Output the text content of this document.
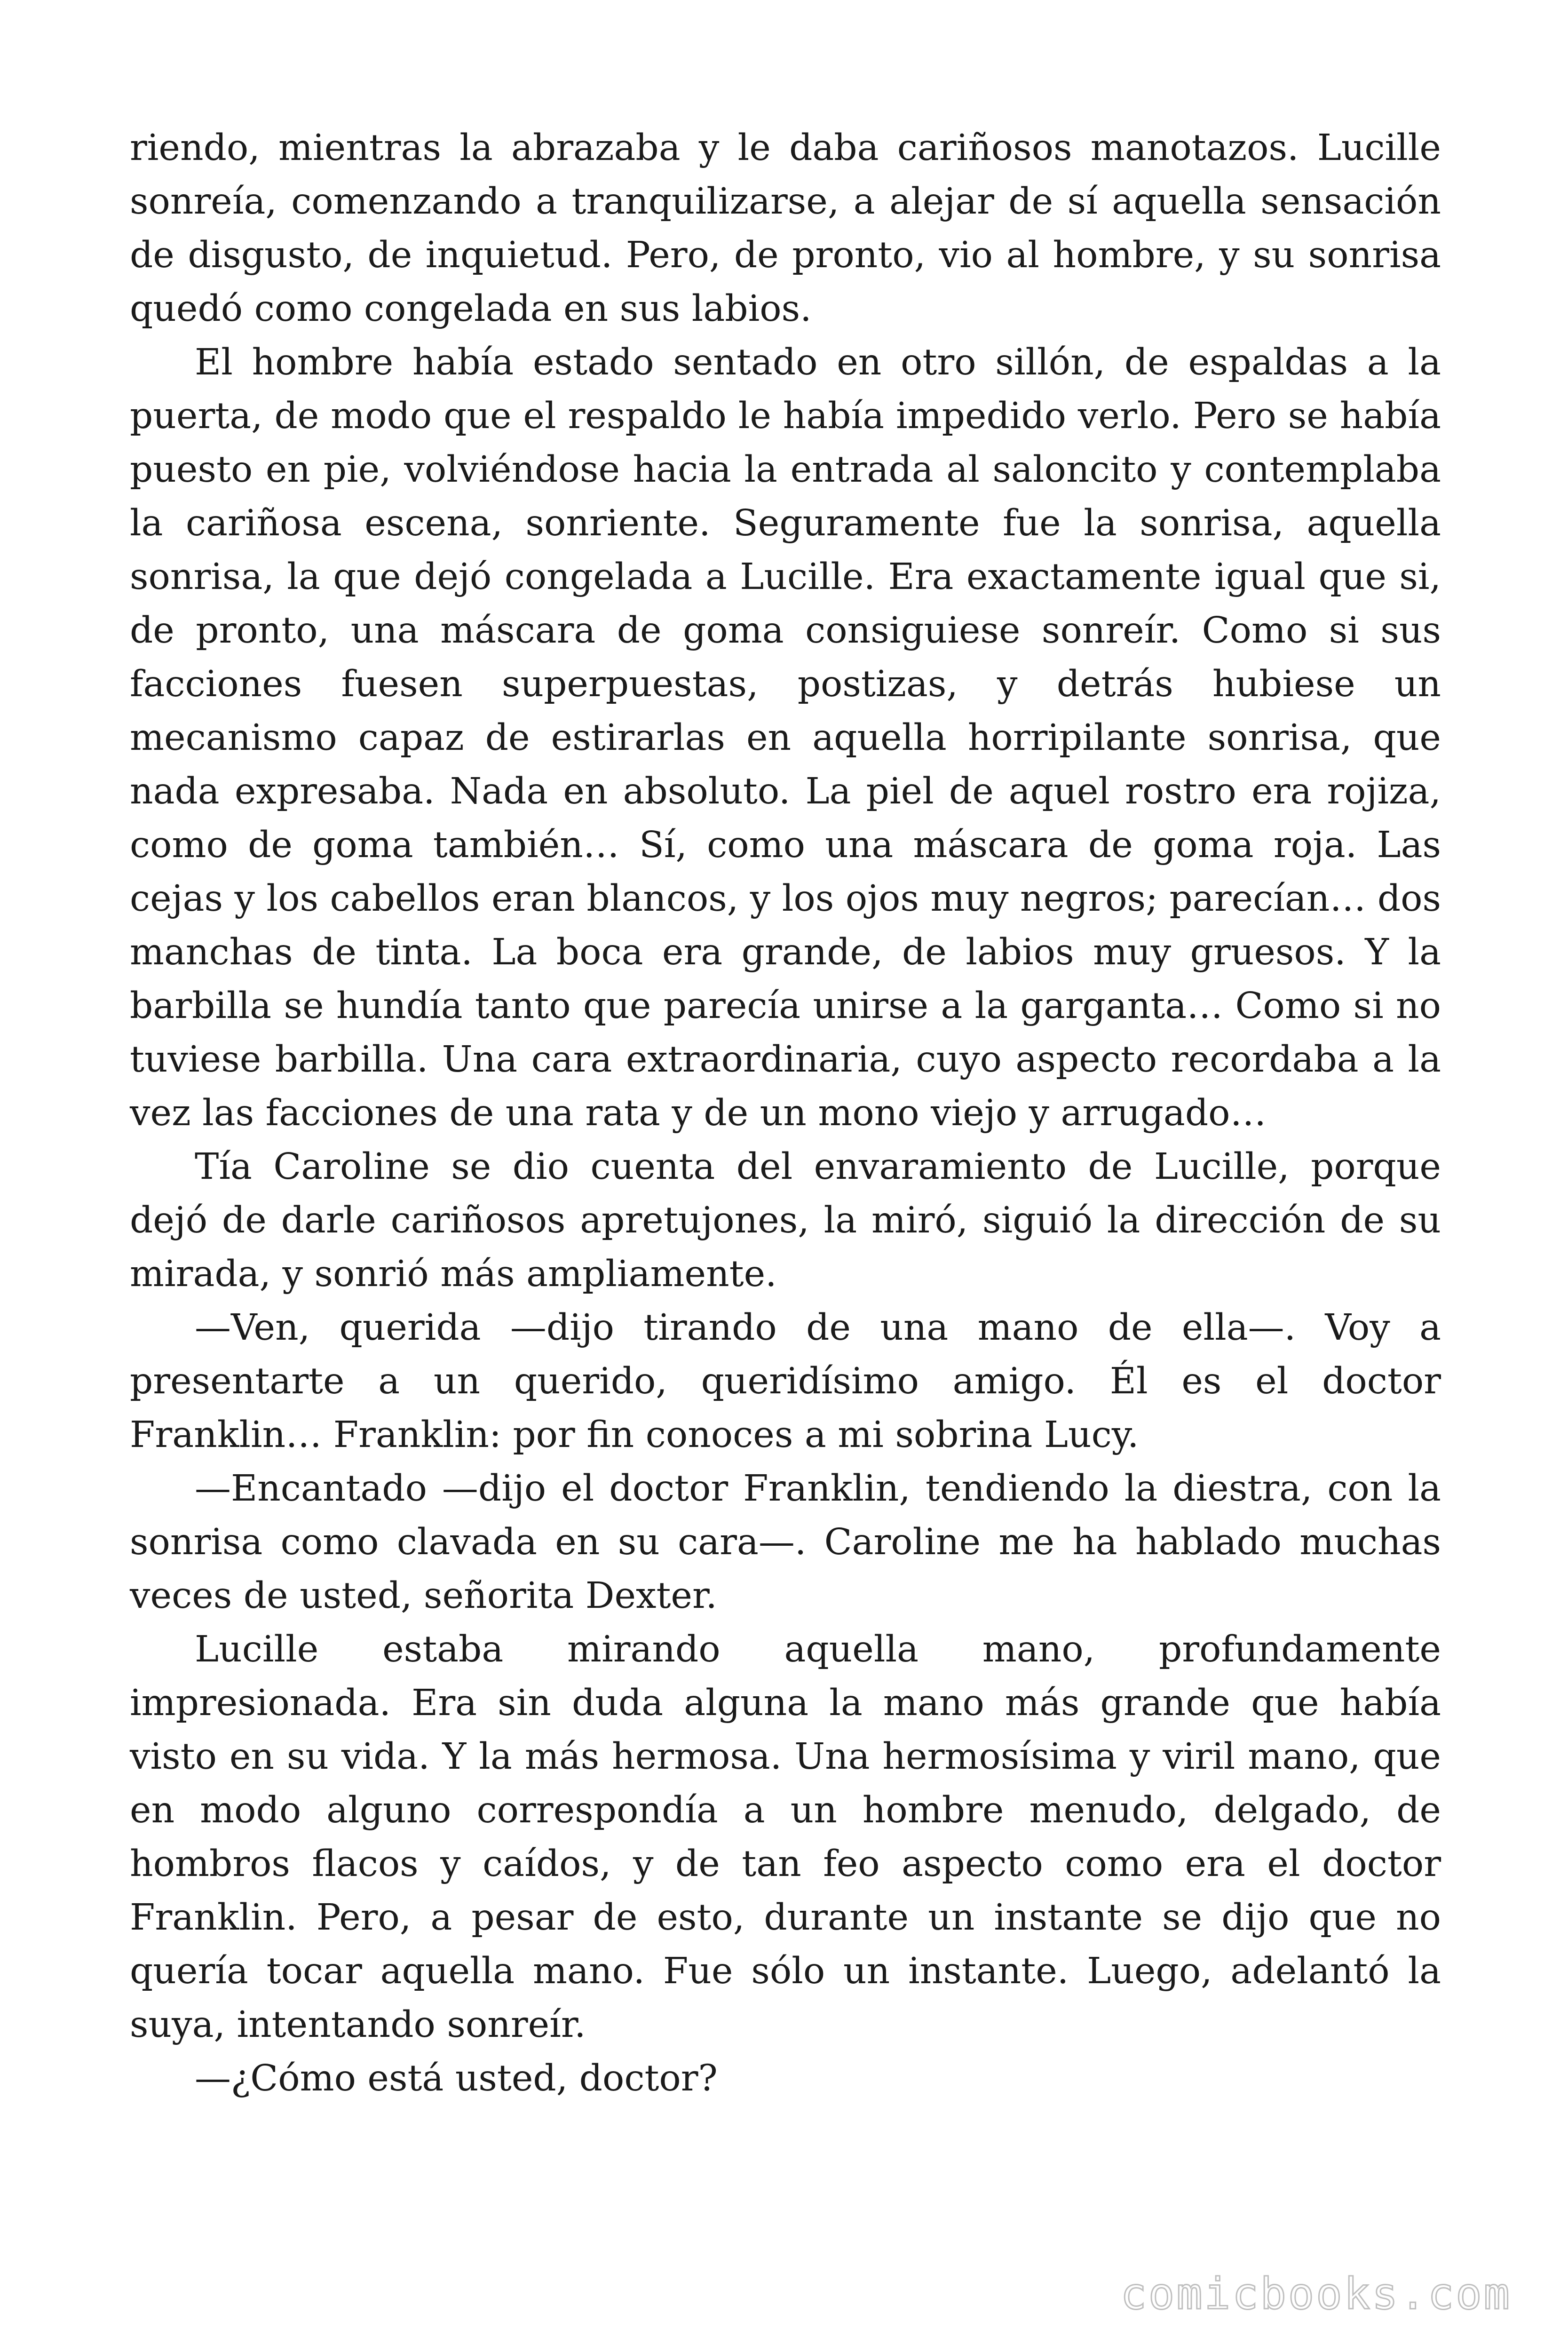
riendo, mientras la abrazaba y le daba cariñosos manotazos. Lucille sonreía, comenzando a tranquilizarse, a alejar de sí aquella sensación de disgusto, de inquietud. Pero, de pronto, vio al hombre, y su sonrisa quedó como congelada en sus labios.

El hombre había estado sentado en otro sillón, de espaldas a la puerta, de modo que el respaldo le había impedido verlo. Pero se había puesto en pie, volviéndose hacia la entrada al saloncito y contemplaba la cariñosa escena, sonriente. Seguramente fue la sonrisa, aquella sonrisa, la que dejó congelada a Lucille. Era exactamente igual que si, de pronto, una máscara de goma consiguiese sonreír. Como si sus facciones fuesen superpuestas, postizas, y detrás hubiese un mecanismo capaz de estirarlas en aquella horripilante sonrisa, que nada expresaba. Nada en absoluto. La piel de aquel rostro era rojiza, como de goma también… Sí, como una máscara de goma roja. Las cejas y los cabellos eran blancos, y los ojos muy negros; parecían… dos manchas de tinta. La boca era grande, de labios muy gruesos. Y la barbilla se hundía tanto que parecía unirse a la garganta… Como si no tuviese barbilla. Una cara extraordinaria, cuyo aspecto recordaba a la vez las facciones de una rata y de un mono viejo y arrugado…

Tía Caroline se dio cuenta del envaramiento de Lucille, porque dejó de darle cariñosos apretujones, la miró, siguió la dirección de su mirada, y sonrió más ampliamente.

—Ven, querida —dijo tirando de una mano de ella—. Voy a presentarte a un querido, queridísimo amigo. Él es el doctor Franklin… Franklin: por fin conoces a mi sobrina Lucy.

—Encantado —dijo el doctor Franklin, tendiendo la diestra, con la sonrisa como clavada en su cara—. Caroline me ha hablado muchas veces de usted, señorita Dexter.

Lucille estaba mirando aquella mano, profundamente impresionada. Era sin duda alguna la mano más grande que había visto en su vida. Y la más hermosa. Una hermosísima y viril mano, que en modo alguno correspondía a un hombre menudo, delgado, de hombros flacos y caídos, y de tan feo aspecto como era el doctor Franklin. Pero, a pesar de esto, durante un instante se dijo que no quería tocar aquella mano. Fue sólo un instante. Luego, adelantó la suya, intentando sonreír.

—¿Cómo está usted, doctor?

comicbooks.com
